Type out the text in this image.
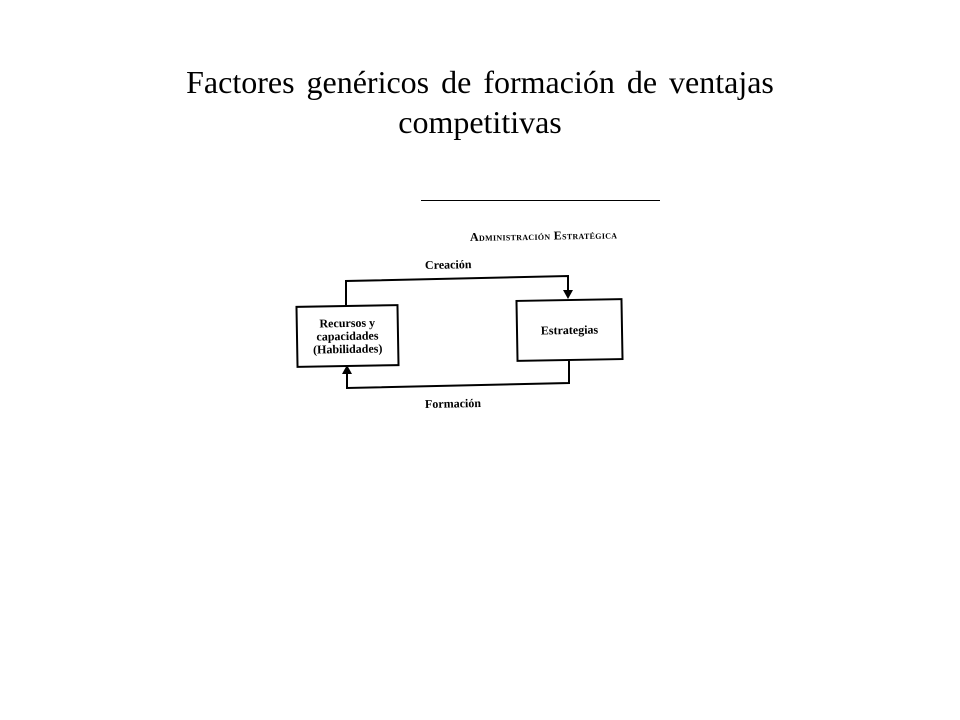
Factores genéricos de formación de ventajas competitivas
Administración Estratégica
Creación
Recursos y
capacidades
(Habilidades)
Estrategias
Formación
